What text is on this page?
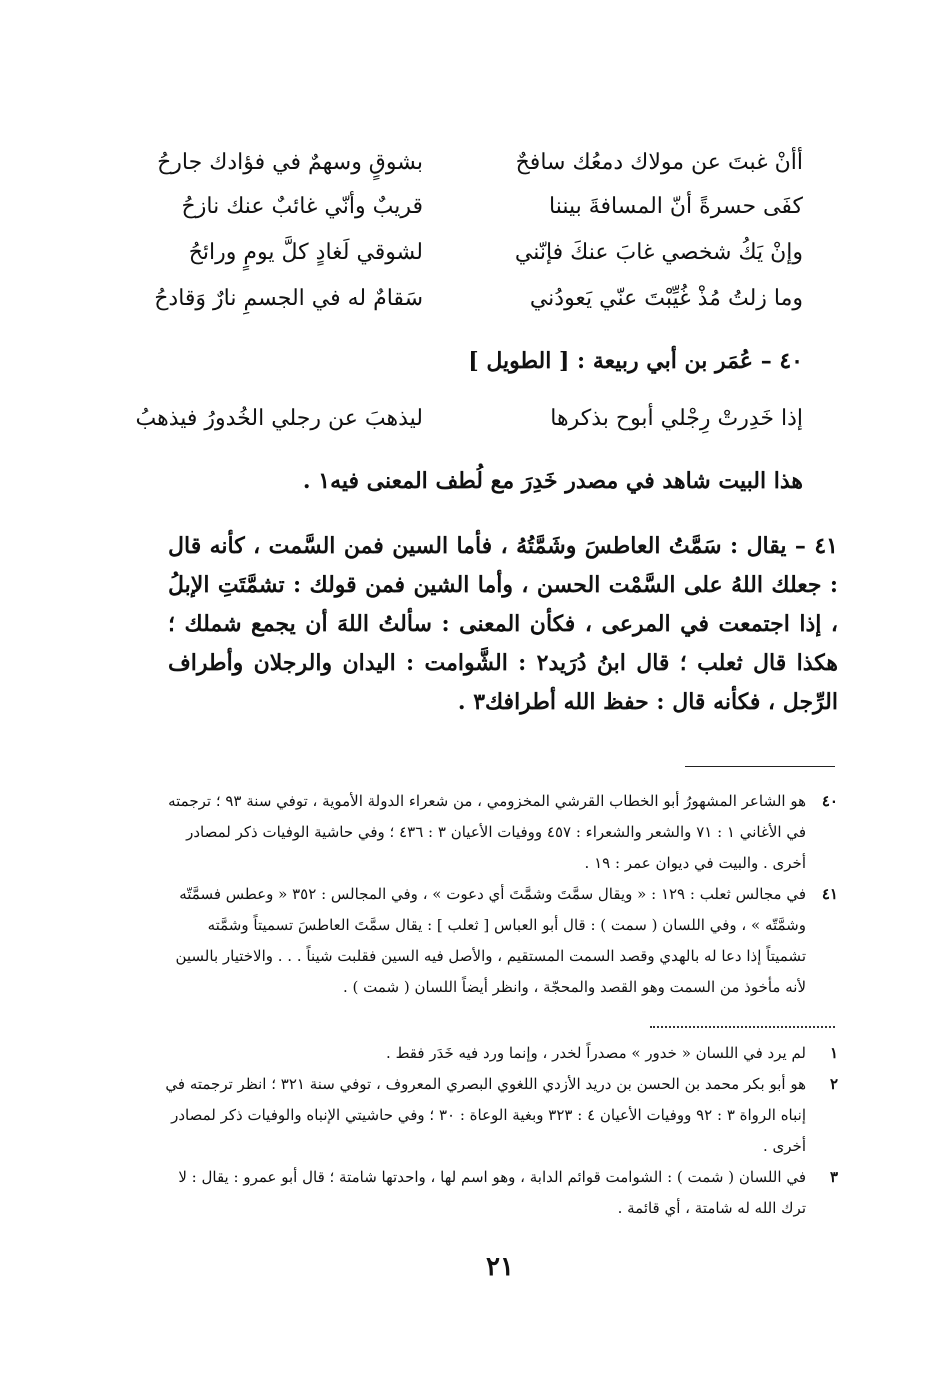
أأنْ غبتَ عن مولاك دمعُك سافحٌ
بشوقٍ وسهمٌ في فؤادك جارحُ
كفَى حسرةً أنّ المسافةَ بيننا
قريبٌ وأنّي غائبٌ عنك نازحُ
وإنْ يَكُ شخصي غابَ عنكَ فإنّني
لشوقي لَغادٍ كلَّ يومٍ ورائحُ
وما زلتُ مُذْ غُيِّبْتَ عنّي يَعودُني
سَقامٌ له في الجسمِ نارٌ وَقادحُ
٤٠ – عُمَر بن أبي ربيعة : [ الطويل ]
إذا خَدِرتْ رِجْلي أبوح بذكرها
ليذهبَ عن رجلي الخُدورُ فيذهبُ
هذا البيت شاهد في مصدر خَدِرَ مع لُطف المعنى فيه١ .
٤١ – يقال : سَمَّتُ العاطسَ وشَمَّتُهُ ، فأما السين فمن السَّمت ، كأنه قال : جعلك اللهُ على السَّمْت الحسن ، وأما الشين فمن قولك : تشمَّتَتِ الإبلُ ، إذا اجتمعت في المرعى ، فكأن المعنى : سألتُ اللهَ أن يجمع شملك ؛ هكذا قال ثعلب ؛ قال ابنُ دُرَيد٢ : الشَّوامت : اليدان والرجلان وأطراف الرِّجل ، فكأنه قال : حفظ الله أطرافك٣ .
٤٠
هو الشاعر المشهورُ أبو الخطاب القرشي المخزومي ، من شعراء الدولة الأموية ، توفي سنة ٩٣ ؛ ترجمته في الأغاني ١ : ٧١ والشعر والشعراء : ٤٥٧ ووفيات الأعيان ٣ : ٤٣٦ ؛ وفي حاشية الوفيات ذكر لمصادر أخرى . والبيت في ديوان عمر : ١٩ .
٤١
في مجالس ثعلب : ١٢٩ : « ويقال سمَّتَ وشمَّتَ أي دعوت » ، وفي المجالس : ٣٥٢ « وعطس فسمَّتّه وشمَّتّه » ، وفي اللسان ( سمت ) : قال أبو العباس [ ثعلب ] : يقال سمَّتَ العاطسَ تسميتاً وشمَّته تشميتاً إذا دعا له بالهدي وقصد السمت المستقيم ، والأصل فيه السين فقلبت شيناً . . . والاختيار بالسين لأنه مأخوذ من السمت وهو القصد والمحجّة ، وانظر أيضاً اللسان ( شمت ) .
١
لم يرد في اللسان « خدور » مصدراً لخدر ، وإنما ورد فيه خَدَر فقط .
٢
هو أبو بكر محمد بن الحسن بن دريد الأزدي اللغوي البصري المعروف ، توفي سنة ٣٢١ ؛ انظر ترجمته في إنباه الرواة ٣ : ٩٢ ووفيات الأعيان ٤ : ٣٢٣ وبغية الوعاة : ٣٠ ؛ وفي حاشيتي الإنباه والوفيات ذكر لمصادر أخرى .
٣
في اللسان ( شمت ) : الشوامت قوائم الدابة ، وهو اسم لها ، واحدتها شامتة ؛ قال أبو عمرو : يقال : لا ترك الله له شامتة ، أي قائمة .
٢١
